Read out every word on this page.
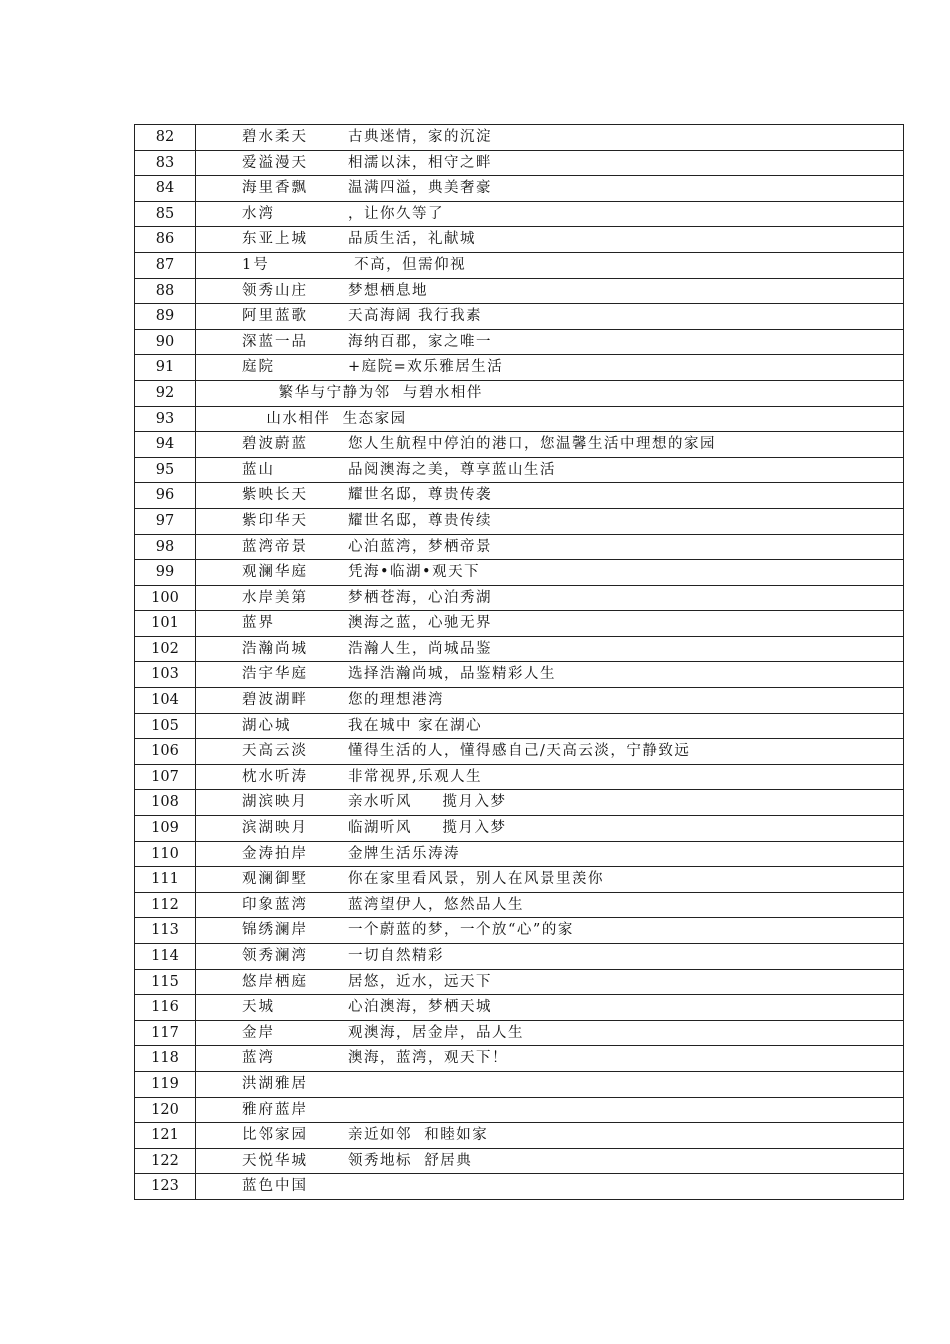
82	碧水柔天 古典迷情，家的沉淀
83	爱溢漫天 相濡以沫，相守之畔
84	海里香飘 温满四溢，典美奢豪
85	水湾 ，让你久等了
86	东亚上城 品质生活，礼献城
87	1号 不高，但需仰视
88	领秀山庄 梦想栖息地
89	阿里蓝歌 天高海阔 我行我素
90	深蓝一品 海纳百郡，家之唯一
91	庭院 +庭院=欢乐雅居生活
92	繁华与宁静为邻  与碧水相伴
93	山水相伴  生态家园
94	碧波蔚蓝 您人生航程中停泊的港口，您温馨生活中理想的家园
95	蓝山 品阅澳海之美，尊享蓝山生活
96	紫映长天 耀世名邸，尊贵传袭
97	紫印华天 耀世名邸，尊贵传续
98	蓝湾帝景 心泊蓝湾，梦栖帝景
99	观澜华庭 凭海•临湖•观天下
100	水岸美第 梦栖苍海，心泊秀湖
101	蓝界 澳海之蓝，心驰无界
102	浩瀚尚城 浩瀚人生，尚城品鉴
103	浩宇华庭 选择浩瀚尚城，品鉴精彩人生
104	碧波湖畔 您的理想港湾
105	湖心城 我在城中 家在湖心
106	天高云淡 懂得生活的人，懂得感自己/天高云淡，宁静致远
107	枕水听涛 非常视界,乐观人生
108	湖滨映月 亲水听风     揽月入梦
109	滨湖映月 临湖听风     揽月入梦
110	金涛拍岸 金牌生活乐涛涛
111	观澜御墅 你在家里看风景，别人在风景里羡你
112	印象蓝湾 蓝湾望伊人，悠然品人生
113	锦绣澜岸 一个蔚蓝的梦，一个放“心”的家
114	领秀澜湾 一切自然精彩
115	悠岸栖庭 居悠，近水，远天下
116	天城 心泊澳海，梦栖天城
117	金岸 观澳海，居金岸，品人生
118	蓝湾 澳海，蓝湾，观天下！
119	洪湖雅居
120	雅府蓝岸
121	比邻家园 亲近如邻  和睦如家
122	天悦华城 领秀地标  舒居典
123	蓝色中国
